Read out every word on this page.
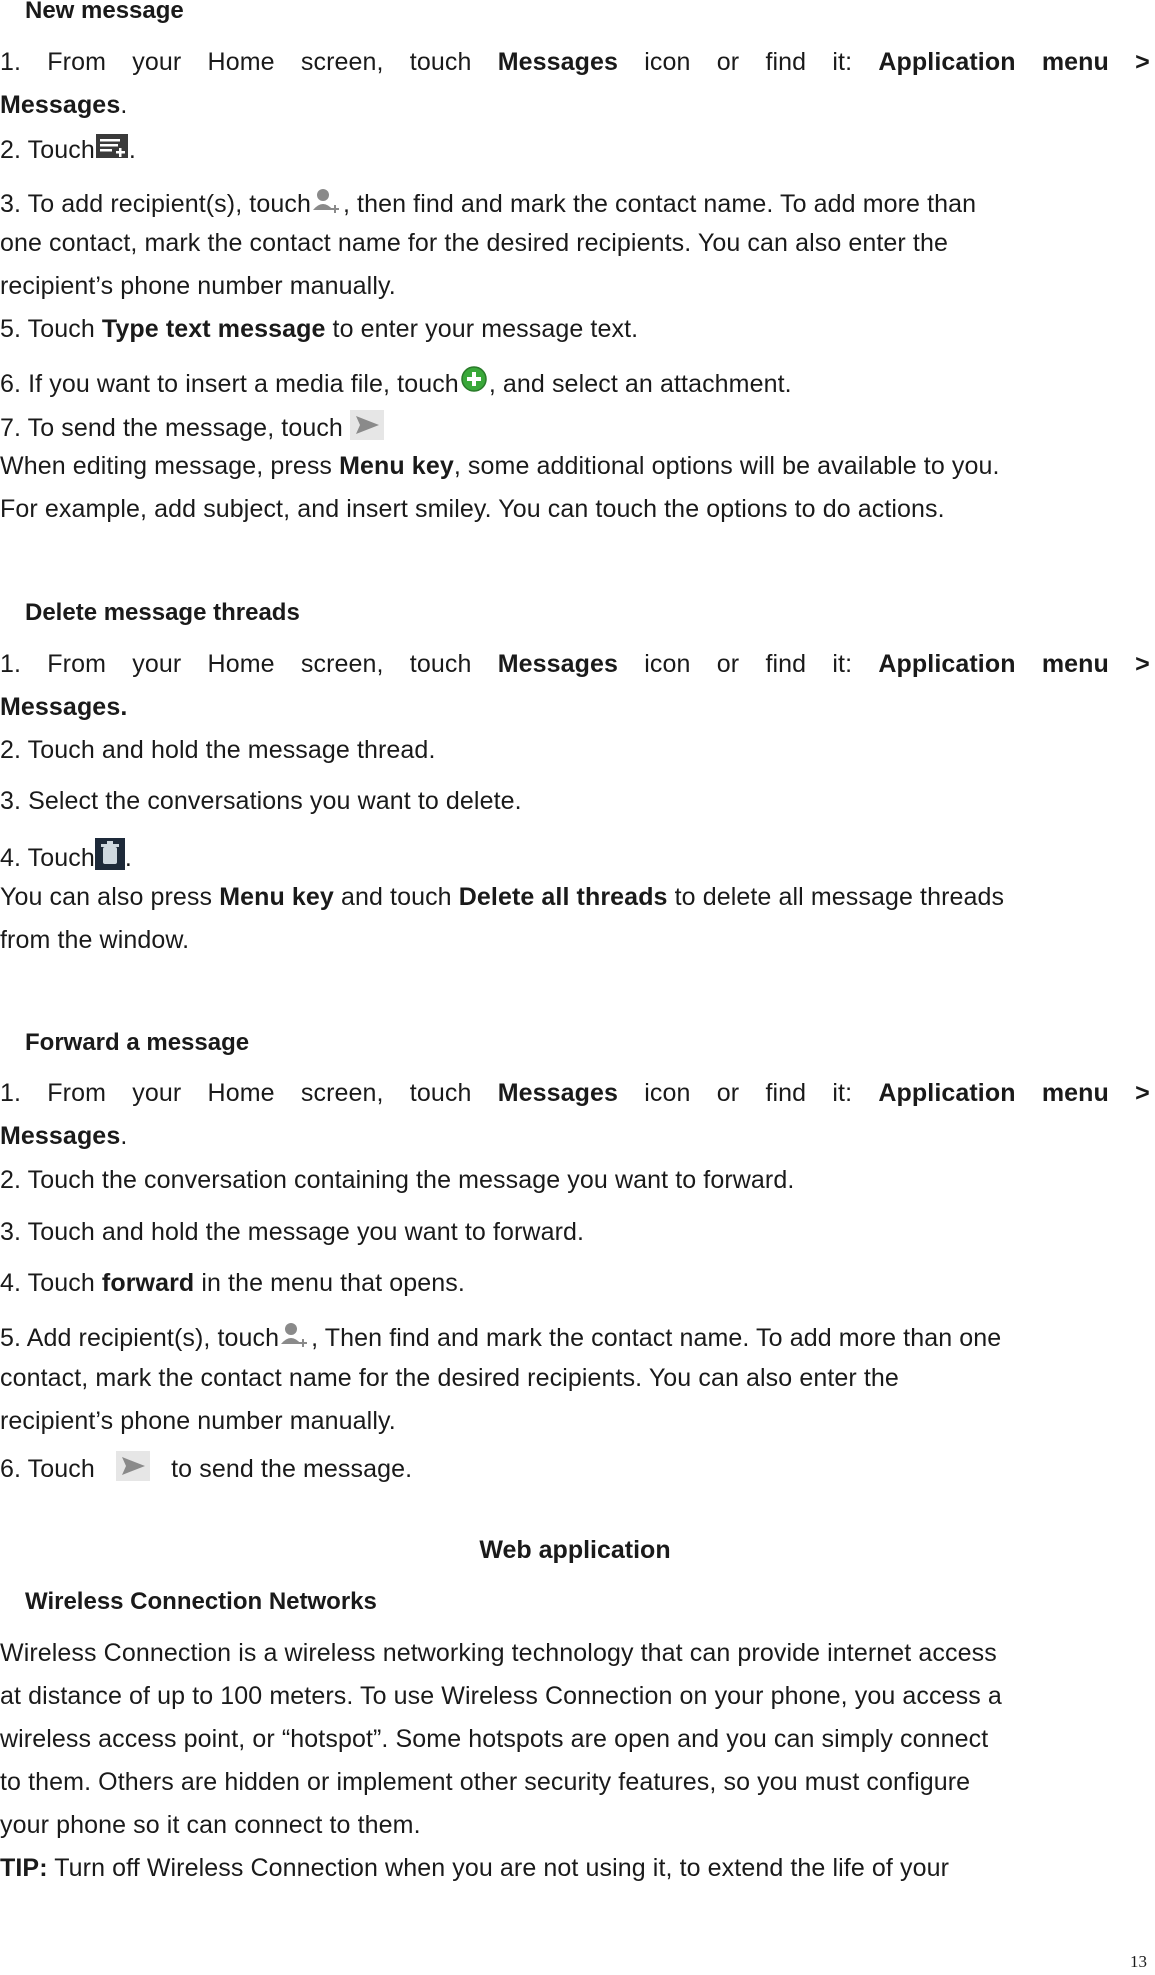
New message
1. From your Home screen, touch Messages icon or find it: Application menu >
Messages.
2. Touch .
3. To add recipient(s), touch , then find and mark the contact name. To add more than
one contact, mark the contact name for the desired recipients. You can also enter the
recipient’s phone number manually.
5. Touch Type text message to enter your message text.
6. If you want to insert a media file, touch , and select an attachment.
7. To send the message, touch
When editing message, press Menu key, some additional options will be available to you.
For example, add subject, and insert smiley. You can touch the options to do actions.
Delete message threads
1. From your Home screen, touch Messages icon or find it: Application menu >
Messages.
2. Touch and hold the message thread.
3. Select the conversations you want to delete.
4. Touch .
You can also press Menu key and touch Delete all threads to delete all message threads
from the window.
Forward a message
1. From your Home screen, touch Messages icon or find it: Application menu >
Messages.
2. Touch the conversation containing the message you want to forward.
3. Touch and hold the message you want to forward.
4. Touch forward in the menu that opens.
5. Add recipient(s), touch , Then find and mark the contact name. To add more than one
contact, mark the contact name for the desired recipients. You can also enter the
recipient’s phone number manually.
6. Touch	to send the message.
Web application
Wireless Connection Networks
Wireless Connection is a wireless networking technology that can provide internet access
at distance of up to 100 meters. To use Wireless Connection on your phone, you access a
wireless access point, or “hotspot”. Some hotspots are open and you can simply connect
to them. Others are hidden or implement other security features, so you must configure
your phone so it can connect to them.
TIP: Turn off Wireless Connection when you are not using it, to extend the life of your
13
